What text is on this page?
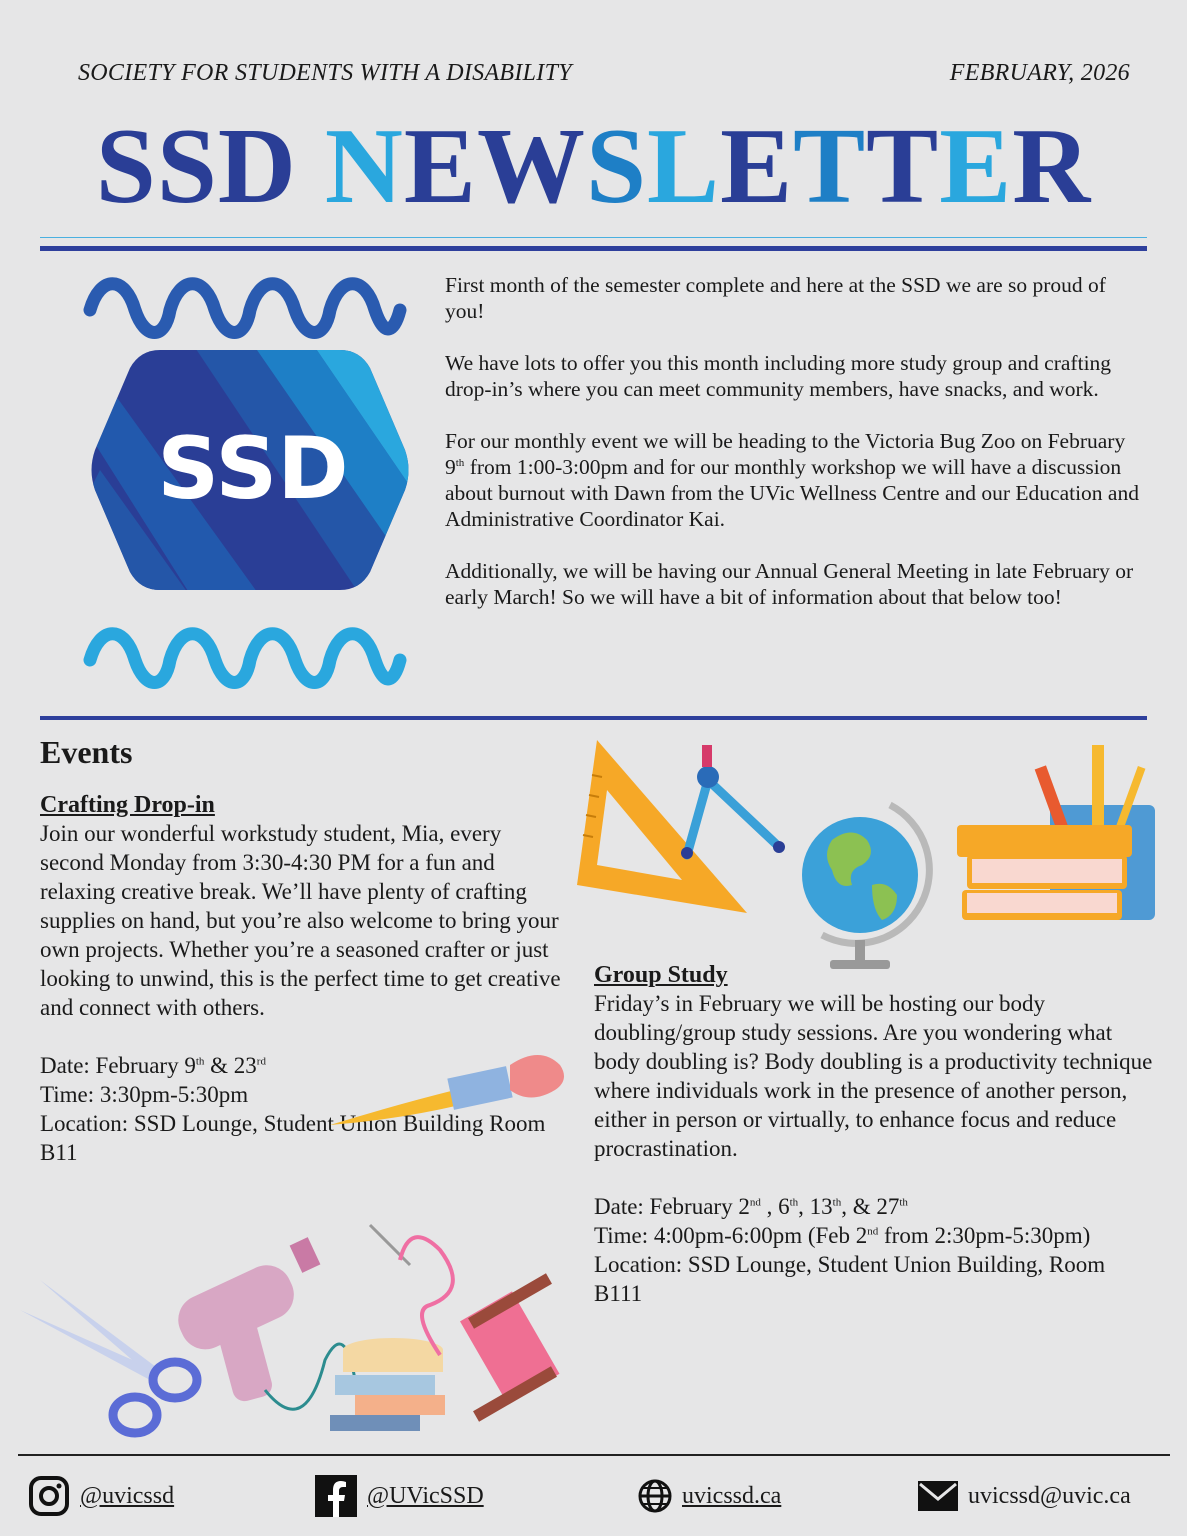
SOCIETY FOR STUDENTS WITH A DISABILITY	FEBRUARY, 2026
SSD NEWSLETTER
SSD

First month of the semester complete and here at the SSD we are so proud of you!

We have lots to offer you this month including more study group and crafting drop-in’s where you can meet community members, have snacks, and work.

For our monthly event we will be heading to the Victoria Bug Zoo on February 9th from 1:00-3:00pm and for our monthly workshop we will have a discussion about burnout with Dawn from the UVic Wellness Centre and our Education and Administrative Coordinator Kai.

Additionally, we will be having our Annual General Meeting in late February or early March! So we will have a bit of information about that below too!

Events
Crafting Drop-in

Join our wonderful workstudy student, Mia, every second Monday from 3:30-4:30 PM for a fun and relaxing creative break. We’ll have plenty of crafting supplies on hand, but you’re also welcome to bring your own projects. Whether you’re a seasoned crafter or just looking to unwind, this is the perfect time to get creative and connect with others.

Date: February 9th & 23rd

Time: 3:30pm-5:30pm

Location: SSD Lounge, Student Union Building Room B11

Group Study

Friday’s in February we will be hosting our body doubling/group study sessions. Are you wondering what body doubling is? Body doubling is a productivity technique where individuals work in the presence of another person, either in person or virtually, to enhance focus and reduce procrastination.

Date: February 2nd , 6th, 13th, & 27th

Time: 4:00pm-6:00pm (Feb 2nd from 2:30pm-5:30pm)

Location: SSD Lounge, Student Union Building, Room B111

@uvicssd	@UVicSSD	uvicssd.ca	uvicssd@uvic.ca
